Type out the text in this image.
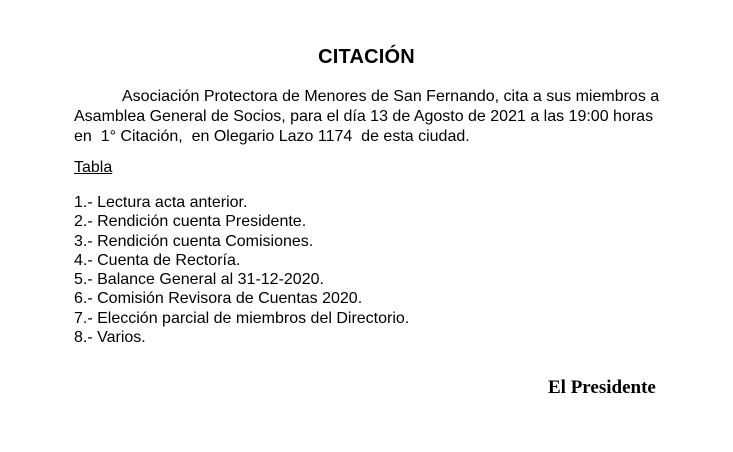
CITACIÓN
Asociación Protectora de Menores de San Fernando, cita a sus miembros a
Asamblea General de Socios, para el día 13 de Agosto de 2021 a las 19:00 horas
en  1° Citación,  en Olegario Lazo 1174  de esta ciudad.
Tabla
1.- Lectura acta anterior.
2.- Rendición cuenta Presidente.
3.- Rendición cuenta Comisiones.
4.- Cuenta de Rectoría.
5.- Balance General al 31-12-2020.
6.- Comisión Revisora de Cuentas 2020.
7.- Elección parcial de miembros del Directorio.
8.- Varios.
El Presidente
